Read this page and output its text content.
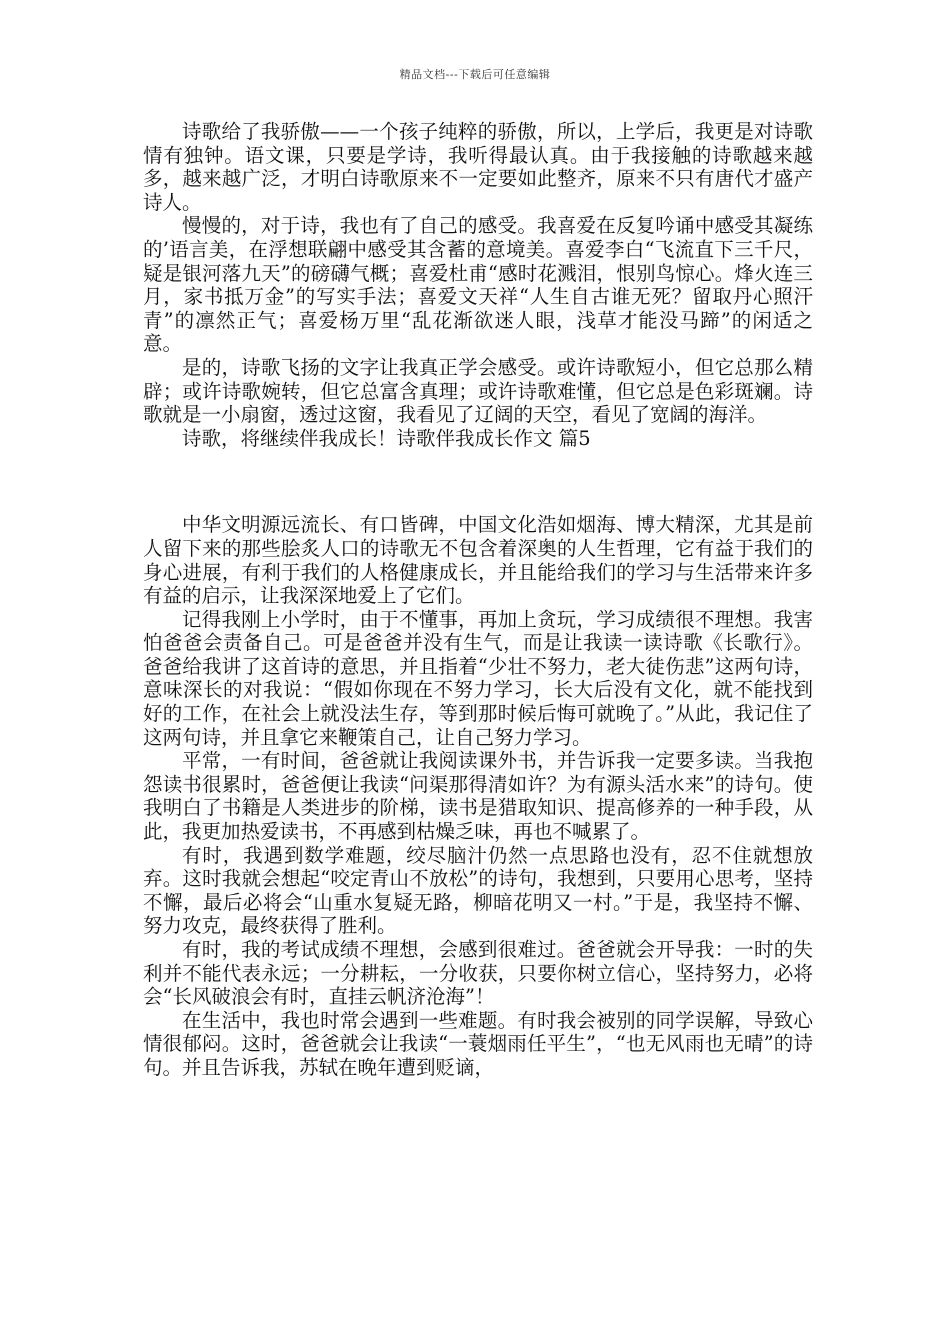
精品文档---下载后可任意编辑

诗歌给了我骄傲——一个孩子纯粹的骄傲，所以，上学后，我更是对诗歌情有独钟。语文课，只要是学诗，我听得最认真。由于我接触的诗歌越来越多，越来越广泛，才明白诗歌原来不一定要如此整齐，原来不只有唐代才盛产诗人。

慢慢的，对于诗，我也有了自己的感受。我喜爱在反复吟诵中感受其凝练的’语言美，在浮想联翩中感受其含蓄的意境美。喜爱李白“飞流直下三千尺，疑是银河落九天”的磅礴气概；喜爱杜甫“感时花溅泪，恨别鸟惊心。烽火连三月，家书抵万金”的写实手法；喜爱文天祥“人生自古谁无死？留取丹心照汗青”的凛然正气；喜爱杨万里“乱花渐欲迷人眼，浅草才能没马蹄”的闲适之意。

是的，诗歌飞扬的文字让我真正学会感受。或许诗歌短小，但它总那么精辟；或许诗歌婉转，但它总富含真理；或许诗歌难懂，但它总是色彩斑斓。诗歌就是一小扇窗，透过这窗，我看见了辽阔的天空，看见了宽阔的海洋。

诗歌，将继续伴我成长！诗歌伴我成长作文 篇5

中华文明源远流长、有口皆碑，中国文化浩如烟海、博大精深，尤其是前人留下来的那些脍炙人口的诗歌无不包含着深奥的人生哲理，它有益于我们的身心进展，有利于我们的人格健康成长，并且能给我们的学习与生活带来许多有益的启示，让我深深地爱上了它们。

记得我刚上小学时，由于不懂事，再加上贪玩，学习成绩很不理想。我害怕爸爸会责备自己。可是爸爸并没有生气，而是让我读一读诗歌《长歌行》。爸爸给我讲了这首诗的意思，并且指着“少壮不努力，老大徒伤悲”这两句诗，意味深长的对我说：“假如你现在不努力学习，长大后没有文化，就不能找到好的工作，在社会上就没法生存，等到那时候后悔可就晚了。”从此，我记住了这两句诗，并且拿它来鞭策自己，让自己努力学习。

平常，一有时间，爸爸就让我阅读课外书，并告诉我一定要多读。当我抱怨读书很累时，爸爸便让我读“问渠那得清如许？为有源头活水来”的诗句。使我明白了书籍是人类进步的阶梯，读书是猎取知识、提高修养的一种手段，从此，我更加热爱读书，不再感到枯燥乏味，再也不喊累了。

有时，我遇到数学难题，绞尽脑汁仍然一点思路也没有，忍不住就想放弃。这时我就会想起“咬定青山不放松”的诗句，我想到，只要用心思考，坚持不懈，最后必将会“山重水复疑无路，柳暗花明又一村。”于是，我坚持不懈、努力攻克，最终获得了胜利。

有时，我的考试成绩不理想，会感到很难过。爸爸就会开导我：一时的失利并不能代表永远；一分耕耘，一分收获，只要你树立信心，坚持努力，必将会“长风破浪会有时，直挂云帆济沧海”！

在生活中，我也时常会遇到一些难题。有时我会被别的同学误解，导致心情很郁闷。这时，爸爸就会让我读“一蓑烟雨任平生”，“也无风雨也无晴”的诗句。并且告诉我，苏轼在晚年遭到贬谪，
